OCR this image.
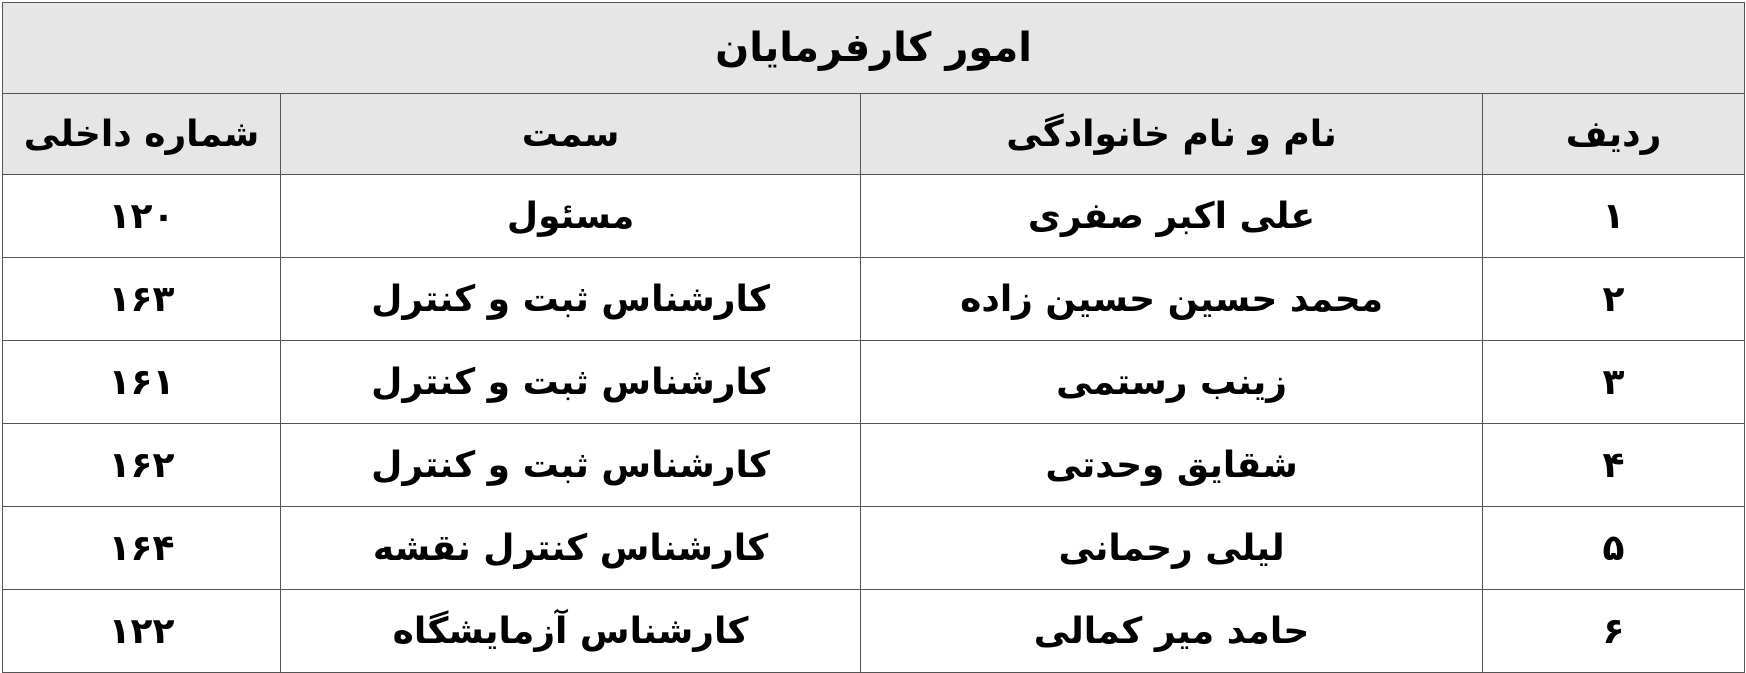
امور کارفرمایان			
ردیف	نام و نام خانوادگی	سمت	شماره داخلی
۱	علی اکبر صفری	مسئول	۱۲۰
۲	محمد حسین حسین زاده	کارشناس ثبت و کنترل	۱۶۳
۳	زینب رستمی	کارشناس ثبت و کنترل	۱۶۱
۴	شقایق وحدتی	کارشناس ثبت و کنترل	۱۶۲
۵	لیلی رحمانی	کارشناس کنترل نقشه	۱۶۴
۶	حامد میر کمالی	کارشناس آزمایشگاه	۱۲۲
